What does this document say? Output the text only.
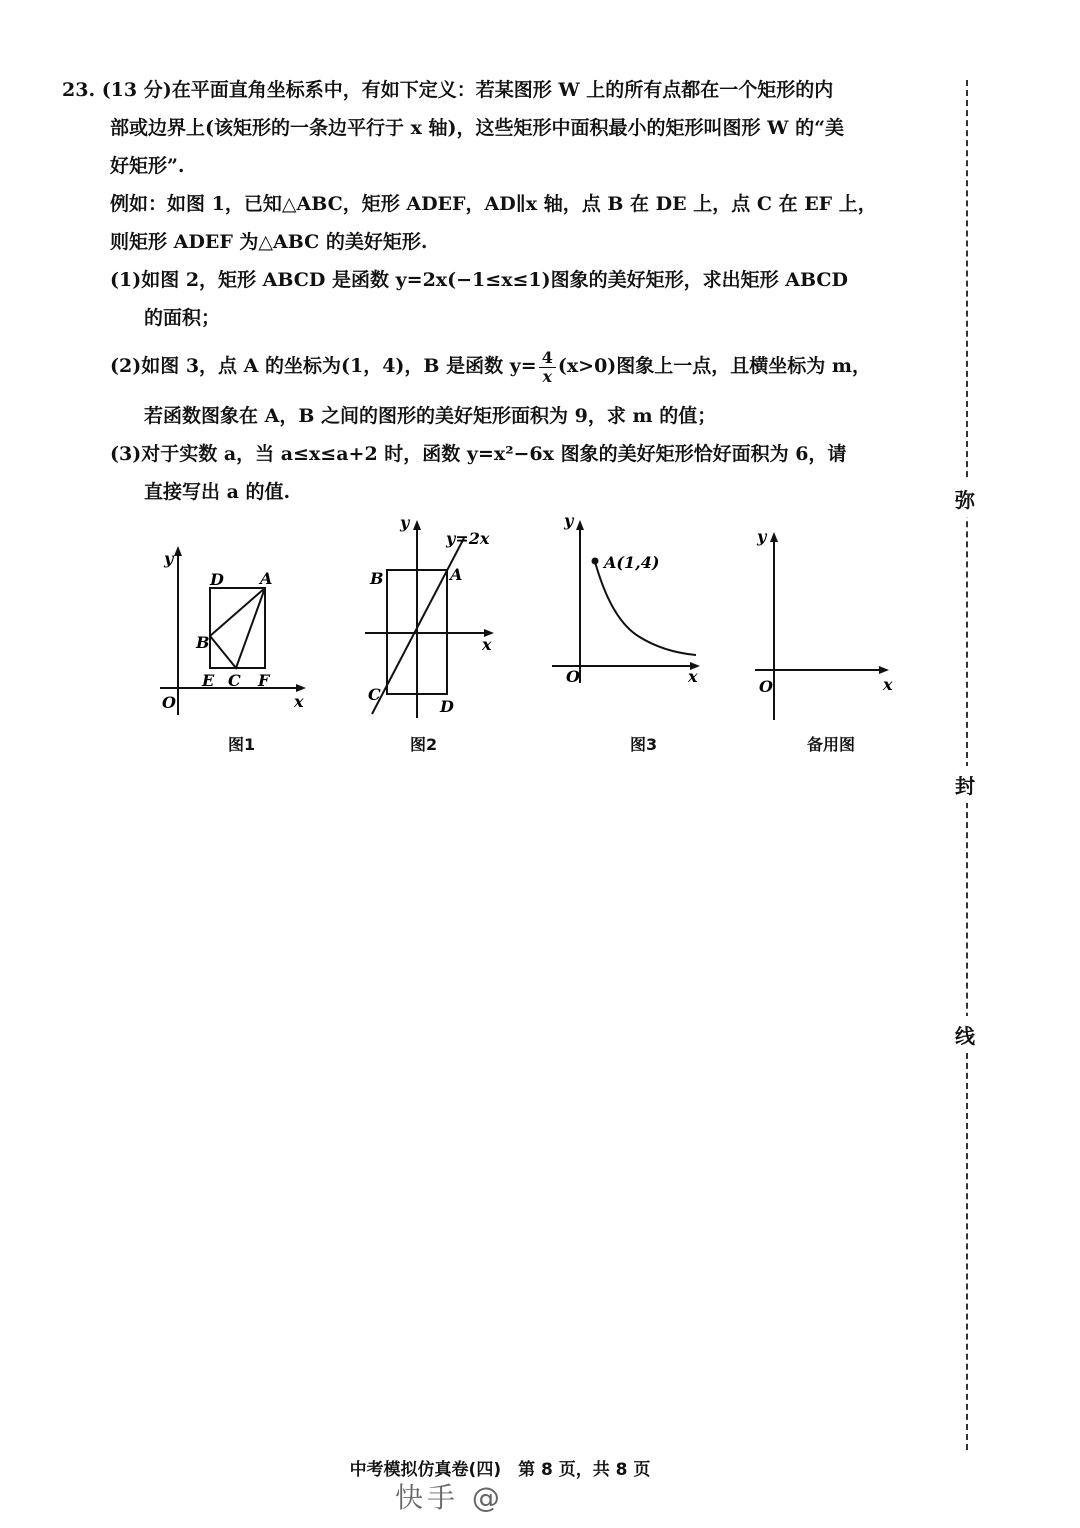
23. (13 分)在平面直角坐标系中，有如下定义：若某图形 W 上的所有点都在一个矩形的内
部或边界上(该矩形的一条边平行于 x 轴)，这些矩形中面积最小的矩形叫图形 W 的“美
好矩形”.
例如：如图 1，已知△ABC，矩形 ADEF，AD∥x 轴，点 B 在 DE 上，点 C 在 EF 上，
则矩形 ADEF 为△ABC 的美好矩形.
(1)如图 2，矩形 ABCD 是函数 y=2x(−1≤x≤1)图象的美好矩形，求出矩形 ABCD
的面积；
(2)如图 3，点 A 的坐标为(1，4)，B 是函数 $y= \frac{4}{x} (x>0)$图象上一点，且横坐标为 m，
若函数图象在 A，B 之间的图形的美好矩形面积为 9，求 m 的值；
(3)对于实数 a，当 a≤x≤a+2 时，函数 y=x²−6x 图象的美好矩形恰好面积为 6，请
直接写出 a 的值.
y
x
O
D A
B
E C F
图1
y
x
y=2x
B	A
C
D
图2
y
x
O
A(1,4)
图3
y
x
O
备用图
弥
封
线
中考模拟仿真卷(四)　第 8 页，共 8 页
快手 @
